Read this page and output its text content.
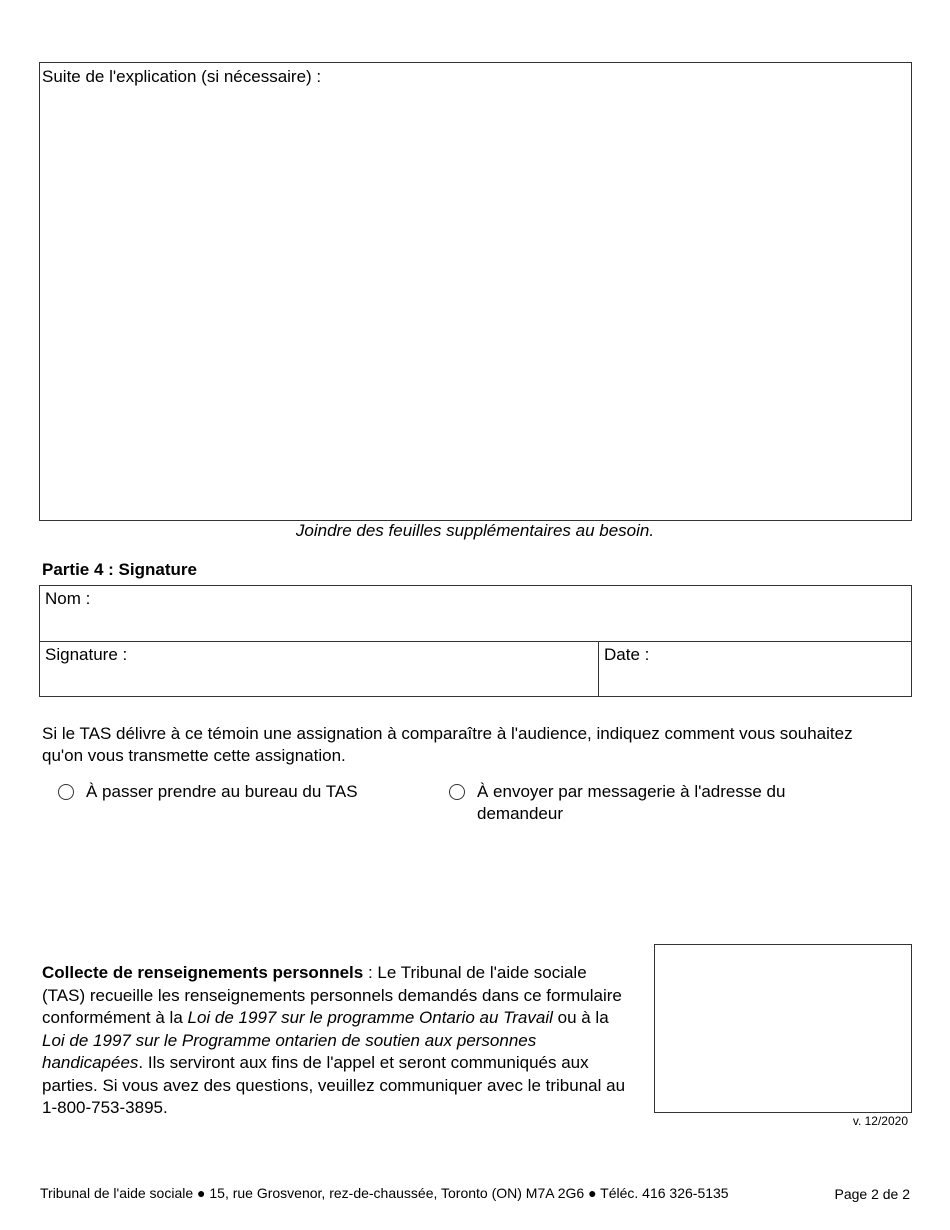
Suite de l'explication (si nécessaire) :
Joindre des feuilles supplémentaires au besoin.
Partie 4 : Signature
Nom :
Signature :	Date :
Si le TAS délivre à ce témoin une assignation à comparaître à l'audience, indiquez comment vous souhaitez qu'on vous transmette cette assignation.
À passer prendre au bureau du TAS	À envoyer par messagerie à l'adresse du
demandeur
Collecte de renseignements personnels : Le Tribunal de l'aide sociale (TAS) recueille les renseignements personnels demandés dans ce formulaire conformément à la Loi de 1997 sur le programme Ontario au Travail ou à la Loi de 1997 sur le Programme ontarien de soutien aux personnes handicapées. Ils serviront aux fins de l'appel et seront communiqués aux parties. Si vous avez des questions, veuillez communiquer avec le tribunal au 1-800-753-3895.
v. 12/2020
Tribunal de l'aide sociale ● 15, rue Grosvenor, rez-de-chaussée, Toronto (ON) M7A 2G6 ● Téléc. 416 326-5135	Page 2 de 2
